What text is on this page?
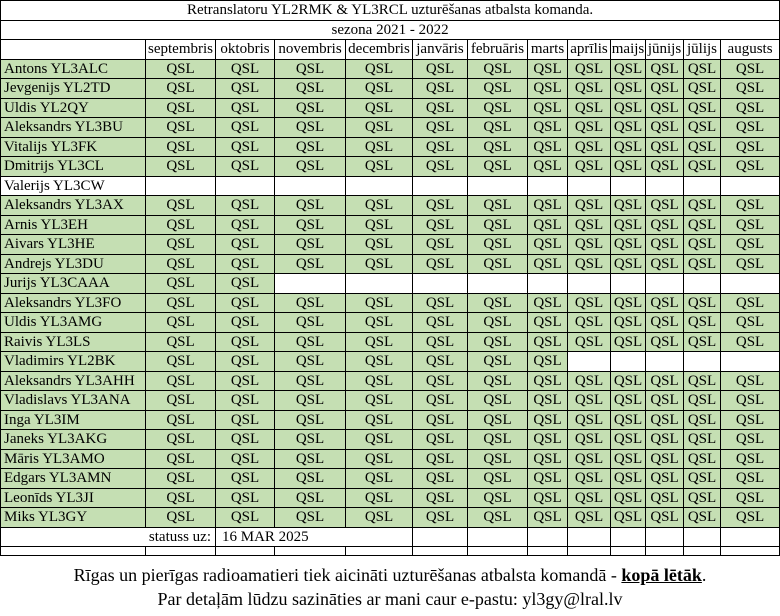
Retranslatoru YL2RMK & YL3RCL uzturēšanas atbalsta komanda.												
sezona 2021 - 2022												
	septembris	oktobris	novembris	decembris	janvāris	februāris	marts	aprīlis	maijs	jūnijs	jūlijs	augusts
Antons YL3ALC	QSL	QSL	QSL	QSL	QSL	QSL	QSL	QSL	QSL	QSL	QSL	QSL
Jevgenijs YL2TD	QSL	QSL	QSL	QSL	QSL	QSL	QSL	QSL	QSL	QSL	QSL	QSL
Uldis YL2QY	QSL	QSL	QSL	QSL	QSL	QSL	QSL	QSL	QSL	QSL	QSL	QSL
Aleksandrs YL3BU	QSL	QSL	QSL	QSL	QSL	QSL	QSL	QSL	QSL	QSL	QSL	QSL
Vitalijs YL3FK	QSL	QSL	QSL	QSL	QSL	QSL	QSL	QSL	QSL	QSL	QSL	QSL
Dmitrijs YL3CL	QSL	QSL	QSL	QSL	QSL	QSL	QSL	QSL	QSL	QSL	QSL	QSL
Valerijs YL3CW												
Aleksandrs YL3AX	QSL	QSL	QSL	QSL	QSL	QSL	QSL	QSL	QSL	QSL	QSL	QSL
Arnis YL3EH	QSL	QSL	QSL	QSL	QSL	QSL	QSL	QSL	QSL	QSL	QSL	QSL
Aivars YL3HE	QSL	QSL	QSL	QSL	QSL	QSL	QSL	QSL	QSL	QSL	QSL	QSL
Andrejs YL3DU	QSL	QSL	QSL	QSL	QSL	QSL	QSL	QSL	QSL	QSL	QSL	QSL
Jurijs YL3CAAA	QSL	QSL										
Aleksandrs YL3FO	QSL	QSL	QSL	QSL	QSL	QSL	QSL	QSL	QSL	QSL	QSL	QSL
Uldis YL3AMG	QSL	QSL	QSL	QSL	QSL	QSL	QSL	QSL	QSL	QSL	QSL	QSL
Raivis YL3LS	QSL	QSL	QSL	QSL	QSL	QSL	QSL	QSL	QSL	QSL	QSL	QSL
Vladimirs YL2BK	QSL	QSL	QSL	QSL	QSL	QSL	QSL					
Aleksandrs YL3AHH	QSL	QSL	QSL	QSL	QSL	QSL	QSL	QSL	QSL	QSL	QSL	QSL
Vladislavs YL3ANA	QSL	QSL	QSL	QSL	QSL	QSL	QSL	QSL	QSL	QSL	QSL	QSL
Inga YL3IM	QSL	QSL	QSL	QSL	QSL	QSL	QSL	QSL	QSL	QSL	QSL	QSL
Janeks YL3AKG	QSL	QSL	QSL	QSL	QSL	QSL	QSL	QSL	QSL	QSL	QSL	QSL
Māris YL3AMO	QSL	QSL	QSL	QSL	QSL	QSL	QSL	QSL	QSL	QSL	QSL	QSL
Edgars YL3AMN	QSL	QSL	QSL	QSL	QSL	QSL	QSL	QSL	QSL	QSL	QSL	QSL
Leonīds YL3JI	QSL	QSL	QSL	QSL	QSL	QSL	QSL	QSL	QSL	QSL	QSL	QSL
Miks YL3GY	QSL	QSL	QSL	QSL	QSL	QSL	QSL	QSL	QSL	QSL	QSL	QSL
statuss uz:		16 MAR 2025										

Rīgas un pierīgas radioamatieri tiek aicināti uzturēšanas atbalsta komandā - kopā lētāk.
Par detaļām lūdzu sazināties ar mani caur e-pastu: yl3gy@lral.lv
